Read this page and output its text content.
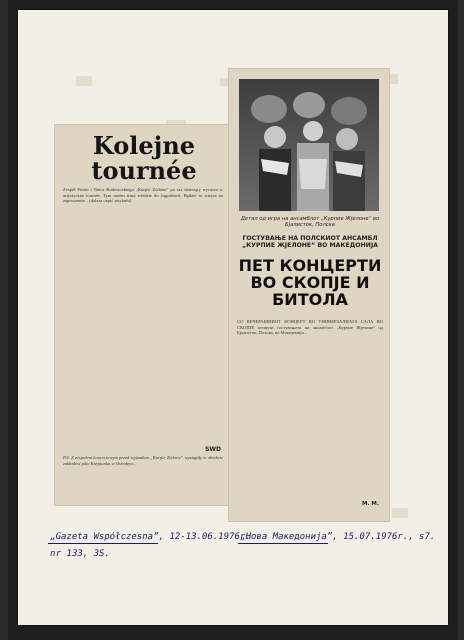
Kolejne
tournée
Zespół Pieśni i Tańca Białostockiego „Kurpie Zielone” po raz dziesiąty wyrusza w artystyczne tournée. Tym razem trasa wiedzie do Jugosławii. Będzie to wizyta na zaproszenie... (dalsza część artykułu)
SWD
P.S. Z zespołem koncertowym przed wyjazdem „Kurpie Zielone” wystąpiły w obiekcie zakładów jako Kurpianka w Ostrołęce...
Детал од игра на ансамблот „Курпие Жјелоне“ во Бјалисток, Полска
ГОСТУВАЊЕ НА ПОЛСКИОТ АНСАМБЛ „КУРПИЕ ЖЈЕЛОНЕ“ ВО МАКЕДОНИЈА
ПЕТ КОНЦЕРТИ ВО СКОПЈЕ И БИТОЛА
СО ВЕЧЕРАШНИОТ КОНЦЕРТ ВО УНИВЕРЗАЛНАТА САЛА ВО СКОПЈЕ почнува гостувањето на ансамблот „Курпие Жјелоне“ од Бјалисток, Полска, во Македонија...
М. М.
„Gazeta Współczesna”, 12-13.06.1976r.
nr 133, 3S.
„Нова Македонија”, 15.07.1976r., s7.
